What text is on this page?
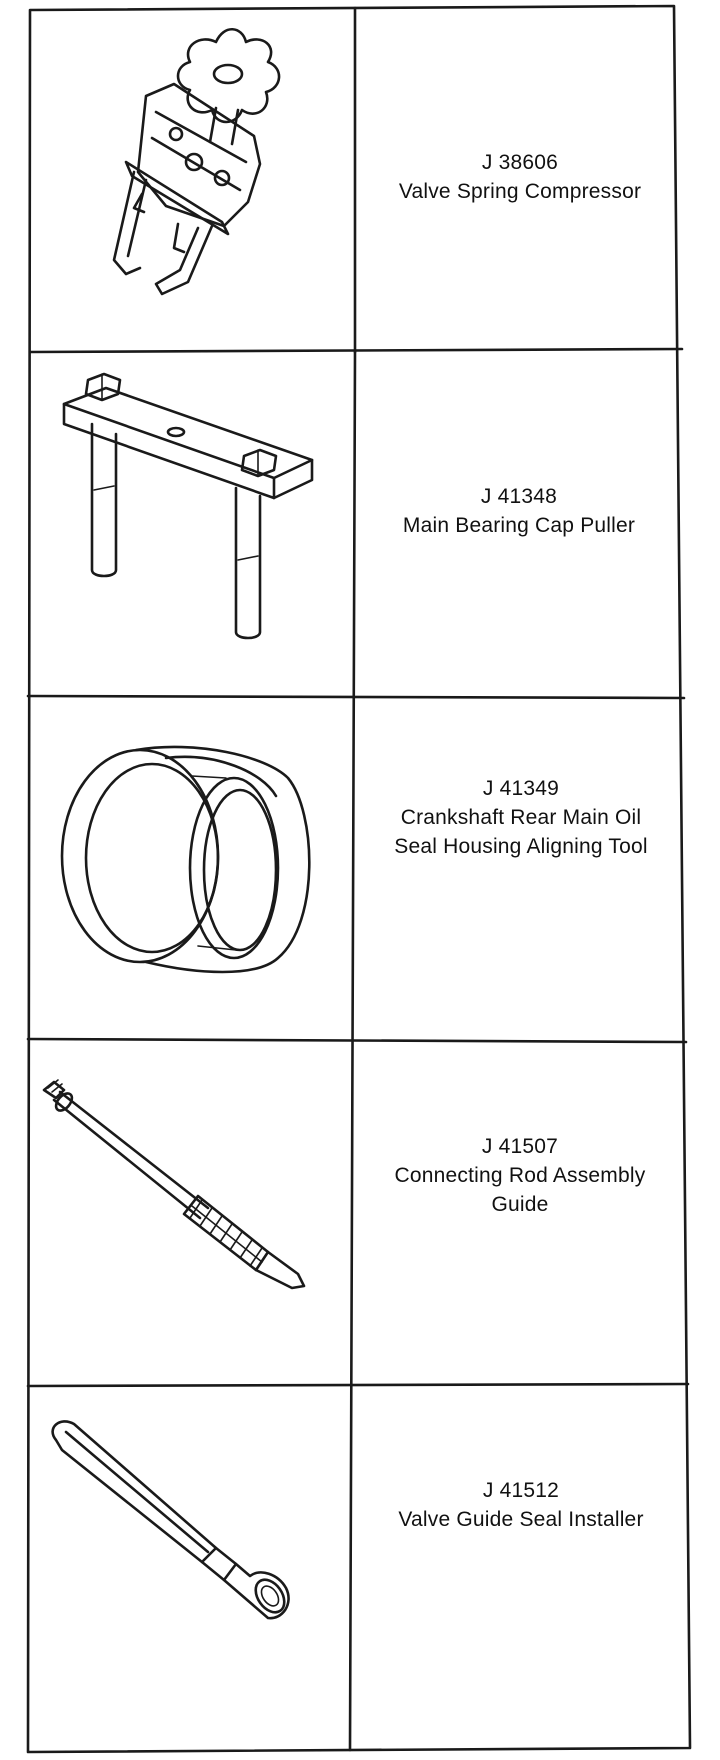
J 38606
Valve Spring Compressor
J 41348
Main Bearing Cap Puller
J 41349
Crankshaft Rear Main Oil
Seal Housing Aligning Tool
J 41507
Connecting Rod Assembly
Guide
J 41512
Valve Guide Seal Installer
